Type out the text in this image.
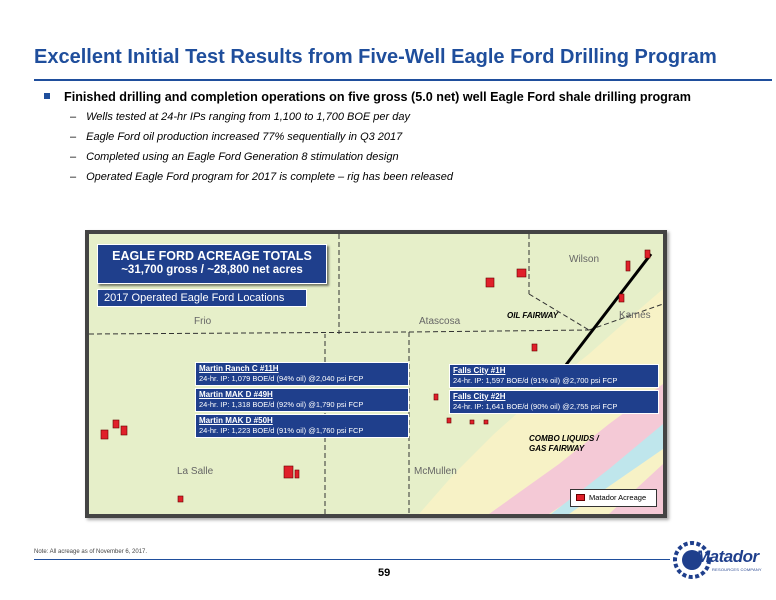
Excellent Initial Test Results from Five-Well Eagle Ford Drilling Program
Finished drilling and completion operations on five gross (5.0 net) well Eagle Ford shale drilling program
– Wells tested at 24-hr IPs ranging from 1,100 to 1,700 BOE per day
– Eagle Ford oil production increased 77% sequentially in Q3 2017
– Completed using an Eagle Ford Generation 8 stimulation design
– Operated Eagle Ford program for 2017 is complete – rig has been released
Wilson
Frio	Atascosa
Karnes
La Salle	McMullen
OIL FAIRWAY
COMBO LIQUIDS /
GAS FAIRWAY
EAGLE FORD ACREAGE TOTALS
~31,700 gross / ~28,800 net acres
2017 Operated Eagle Ford Locations
Martin Ranch C #11H
24-hr. IP: 1,079 BOE/d (94% oil) @2,040 psi FCP
Martin MAK D #49H
24-hr. IP: 1,318 BOE/d (92% oil) @1,790 psi FCP
Martin MAK D #50H
24-hr. IP: 1,223 BOE/d (91% oil) @1,760 psi FCP
Falls City #1H
24-hr. IP: 1,597 BOE/d (91% oil) @2,700 psi FCP
Falls City #2H
24-hr. IP: 1,641 BOE/d (90% oil) @2,755 psi FCP
Matador Acreage
Note: All acreage as of November 6, 2017.
59
Matador
RESOURCES COMPANY
